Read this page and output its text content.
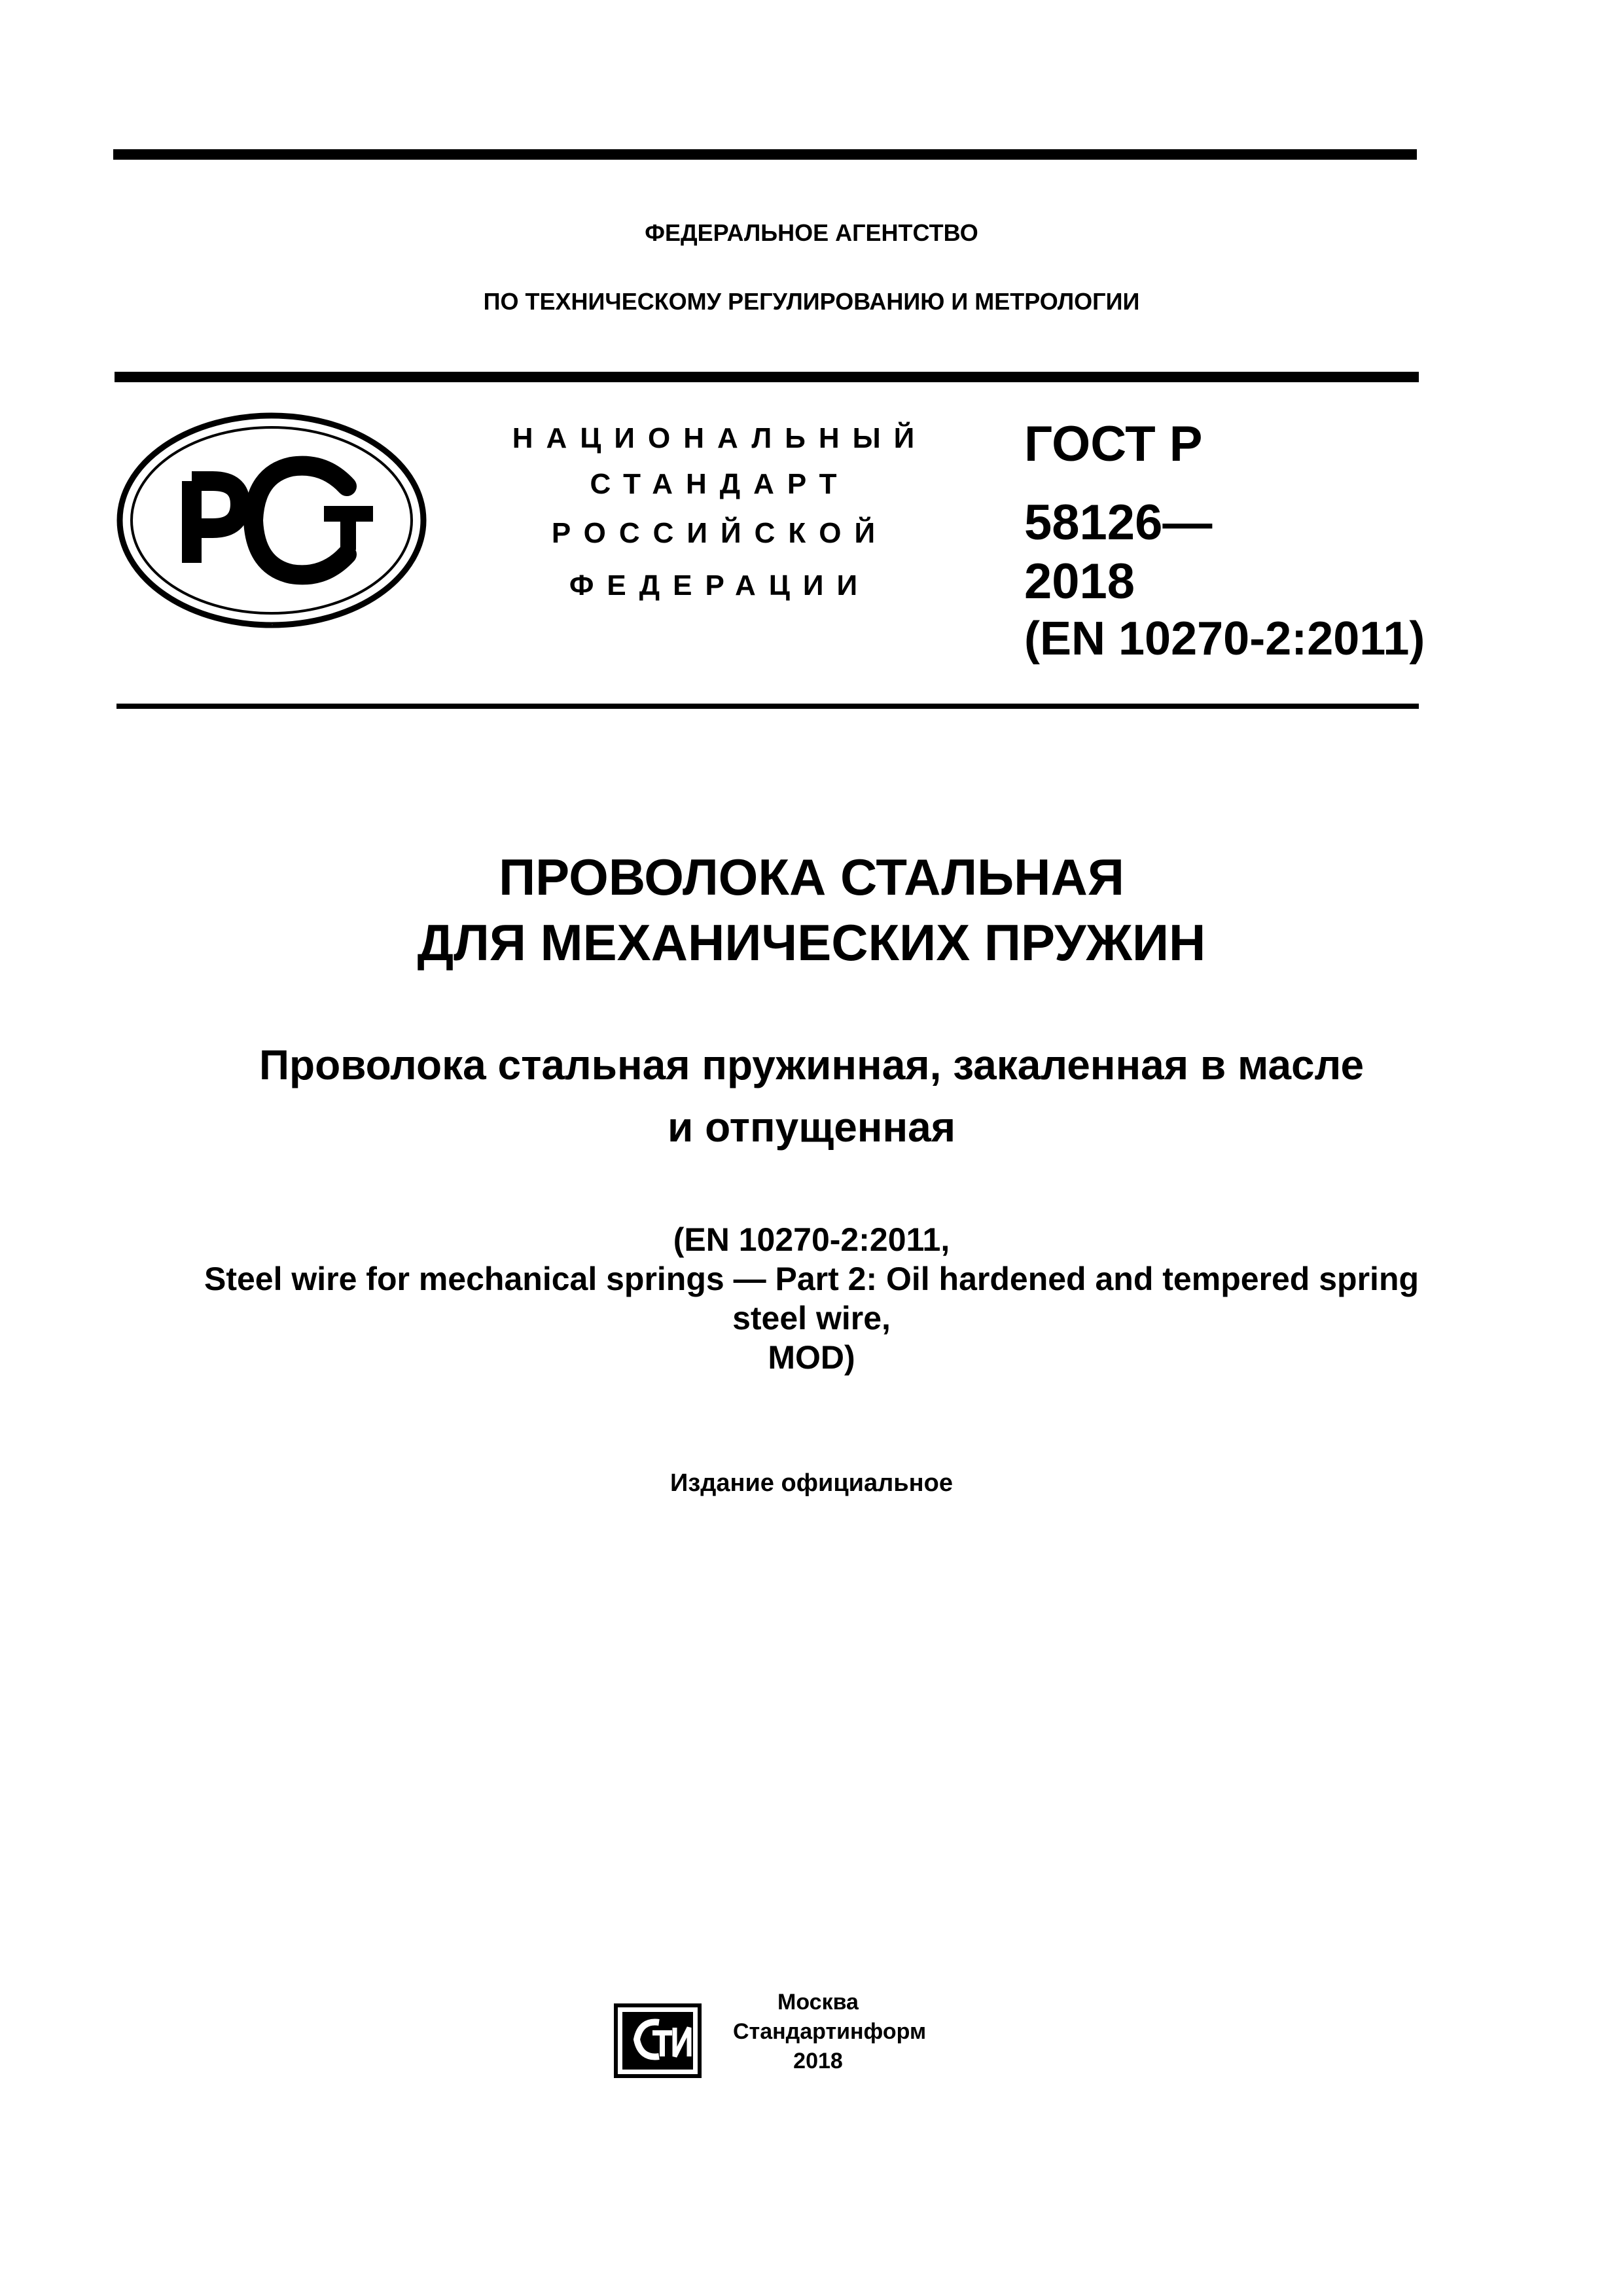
ФЕДЕРАЛЬНОЕ АГЕНТСТВО
ПО ТЕХНИЧЕСКОМУ РЕГУЛИРОВАНИЮ И МЕТРОЛОГИИ
РСТ
НАЦИОНАЛЬНЫЙ
СТАНДАРТ
РОССИЙСКОЙ
ФЕДЕРАЦИИ
ГОСТ Р
58126—
2018
(EN 10270-2:2011)
ПРОВОЛОКА СТАЛЬНАЯ
ДЛЯ МЕХАНИЧЕСКИХ ПРУЖИН
Проволока стальная пружинная, закаленная в масле
и отпущенная
(EN 10270-2:2011,
Steel wire for mechanical springs — Part 2: Oil hardened and tempered spring
steel wire,
MOD)
Издание официальное
СТИ
Москва
Стандартинформ
2018
